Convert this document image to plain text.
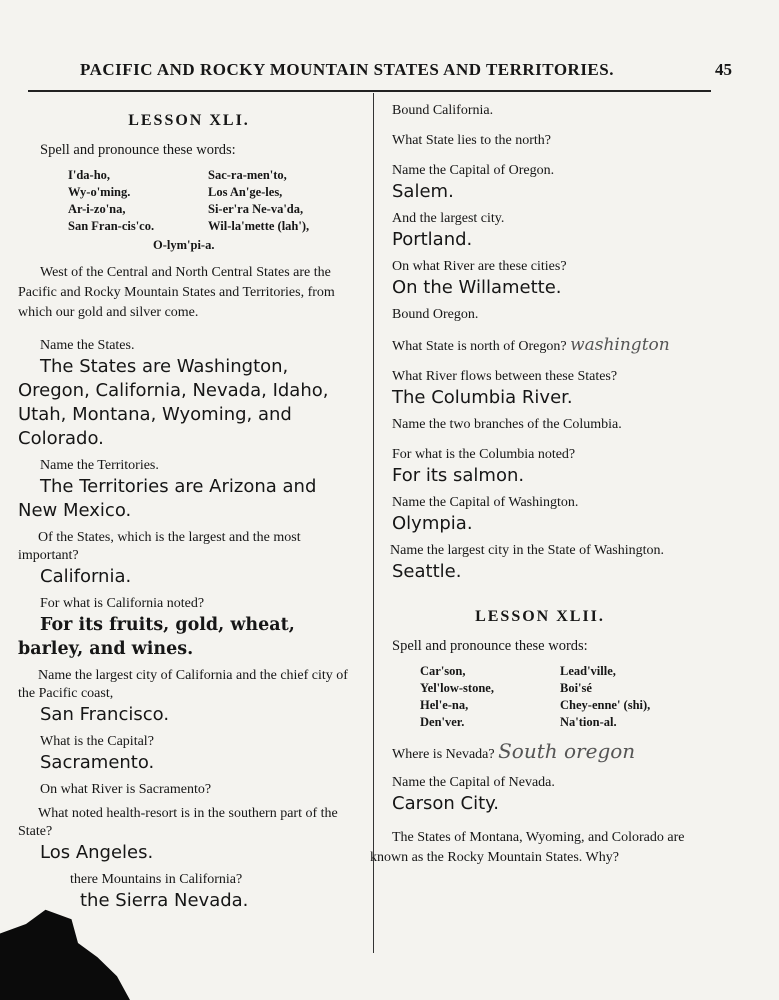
PACIFIC AND ROCKY MOUNTAIN STATES AND TERRITORIES.	45
LESSON XLI.
Spell and pronounce these words:
I'da-ho,
Wy-o'ming.
Ar-i-zo'na,
San Fran-cis'co.
Sac-ra-men'to,
Los An'ge-les,
Si-er'ra Ne-va'da,
Wil-la'mette (lah'),
O-lym'pi-a.

West of the Central and North Central States are the Pacific and Rocky Mountain States and Territories, from which our gold and silver come.

Name the States.

The States are Washington, Oregon, California, Nevada, Idaho, Utah, Montana, Wyoming, and Colorado.

Name the Territories.

The Territories are Arizona and New Mexico.

Of the States, which is the largest and the most important?

California.

For what is California noted?

For its fruits, gold, wheat, barley, and wines.

Name the largest city of California and the chief city of the Pacific coast,

San Francisco.

What is the Capital?

Sacramento.

On what River is Sacramento?

What noted health-resort is in the southern part of the State?

Los Angeles.

there Mountains in California?

the Sierra Nevada.

Bound California.

What State lies to the north?

Name the Capital of Oregon.

Salem.

And the largest city.

Portland.

On what River are these cities?

On the Willamette.

Bound Oregon.

What State is north of Oregon? washington

What River flows between these States?

The Columbia River.

Name the two branches of the Columbia.

For what is the Columbia noted?

For its salmon.

Name the Capital of Washington.

Olympia.

Name the largest city in the State of Washington.

Seattle.

LESSON XLII.
Spell and pronounce these words:
Car'son,
Yel'low-stone,
Hel'e-na,
Den'ver.
Lead'ville,
Boi'sé
Chey-enne' (shi),
Na'tion-al.

Where is Nevada? South oregon

Name the Capital of Nevada.

Carson City.

The States of Montana, Wyoming, and Colorado are known as the Rocky Mountain States. Why?
